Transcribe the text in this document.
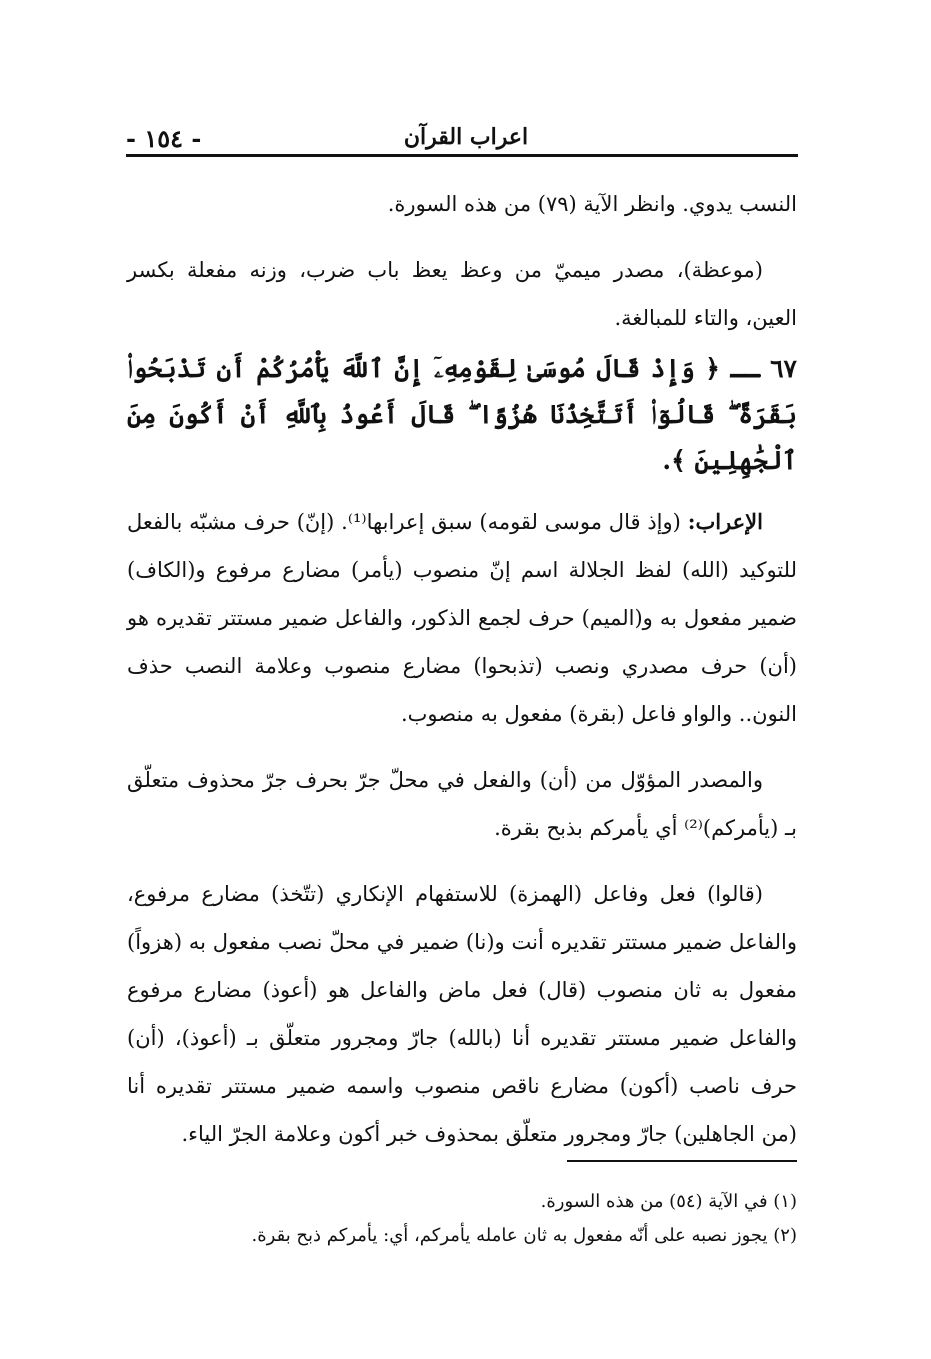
- ١٥٤ -	اعراب القرآن

النسب يدوي. وانظر الآية (٧٩) من هذه السورة.

(موعظة)، مصدر ميميّ من وعظ يعظ باب ضرب، وزنه مفعلة بكسر العين، والتاء للمبالغة.

٦٧ ــ ﴿ وَإِذْ قَالَ مُوسَىٰ لِقَوْمِهِۦٓ إِنَّ ٱللَّهَ يَأْمُرُكُمْ أَن تَذْبَحُوا۟ بَقَرَةً ۖ قَالُوٓا۟ أَتَتَّخِذُنَا هُزُوًا ۖ قَالَ أَعُوذُ بِٱللَّهِ أَنْ أَكُونَ مِنَ ٱلْجَٰهِلِينَ ﴾.

الإعراب: (وإذ قال موسى لقومه) سبق إعرابها⁽¹⁾. (إنّ) حرف مشبّه بالفعل للتوكيد (الله) لفظ الجلالة اسم إنّ منصوب (يأمر) مضارع مرفوع و(الكاف) ضمير مفعول به و(الميم) حرف لجمع الذكور، والفاعل ضمير مستتر تقديره هو (أن) حرف مصدري ونصب (تذبحوا) مضارع منصوب وعلامة النصب حذف النون.. والواو فاعل (بقرة) مفعول به منصوب.

والمصدر المؤوّل من (أن) والفعل في محلّ جرّ بحرف جرّ محذوف متعلّق بـ (يأمركم)⁽²⁾ أي يأمركم بذبح بقرة.

(قالوا) فعل وفاعل (الهمزة) للاستفهام الإنكاري (تتّخذ) مضارع مرفوع، والفاعل ضمير مستتر تقديره أنت و(نا) ضمير في محلّ نصب مفعول به (هزواً) مفعول به ثان منصوب (قال) فعل ماض والفاعل هو (أعوذ) مضارع مرفوع والفاعل ضمير مستتر تقديره أنا (بالله) جارّ ومجرور متعلّق بـ (أعوذ)، (أن) حرف ناصب (أكون) مضارع ناقص منصوب واسمه ضمير مستتر تقديره أنا (من الجاهلين) جارّ ومجرور متعلّق بمحذوف خبر أكون وعلامة الجرّ الياء.

(١) في الآية (٥٤) من هذه السورة.

(٢) يجوز نصبه على أنّه مفعول به ثان عامله يأمركم، أي: يأمركم ذبح بقرة.
